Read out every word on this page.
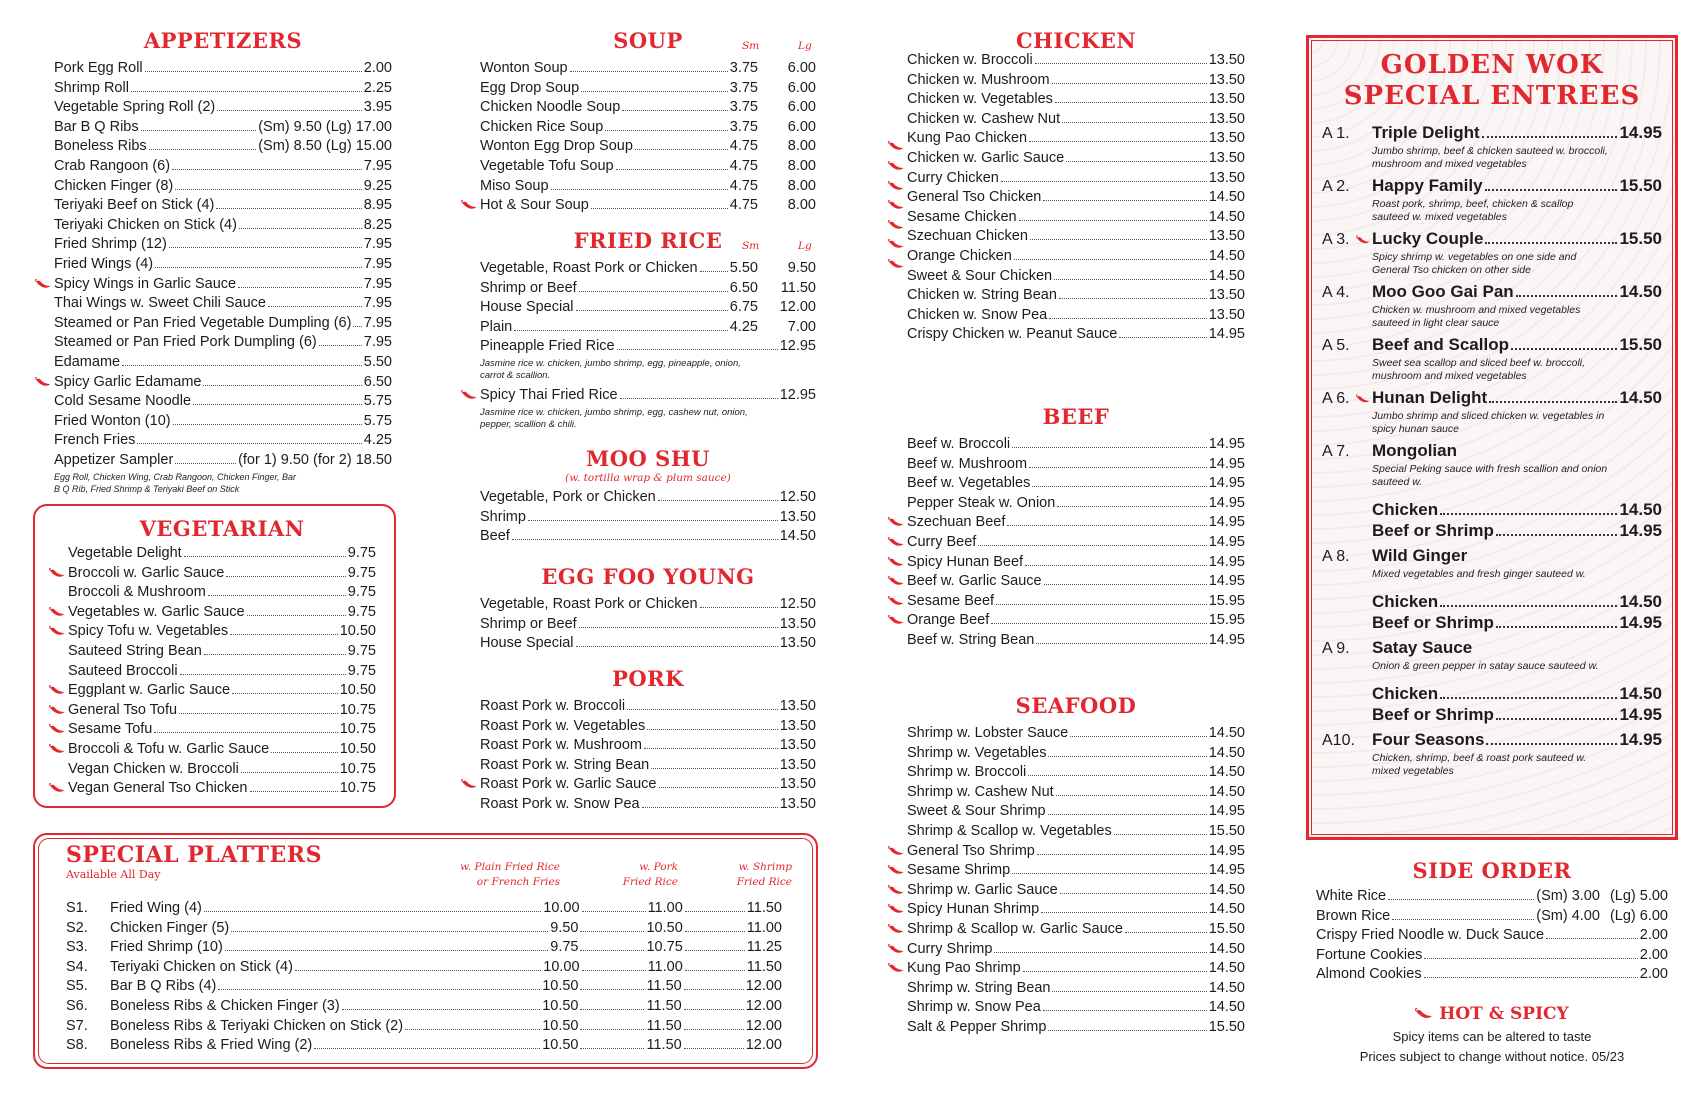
APPETIZERS
Pork Egg Roll	2.00
Shrimp Roll	2.25
Vegetable Spring Roll (2)	3.95
Bar B Q Ribs	(Sm) 9.50 (Lg) 17.00
Boneless Ribs	(Sm) 8.50 (Lg) 15.00
Crab Rangoon (6)	7.95
Chicken Finger (8)	9.25
Teriyaki Beef on Stick (4)	8.95
Teriyaki Chicken on Stick (4)	8.25
Fried Shrimp (12)	7.95
Fried Wings (4)	7.95
Spicy Wings in Garlic Sauce	7.95
Thai Wings w. Sweet Chili Sauce	7.95
Steamed or Pan Fried Vegetable Dumpling (6) 7.95
Steamed or Pan Fried Pork Dumpling (6)	7.95
Edamame	5.50
Spicy Garlic Edamame	6.50
Cold Sesame Noodle	5.75
Fried Wonton (10)	5.75
French Fries	4.25
Appetizer Sampler	(for 1) 9.50 (for 2) 18.50
Egg Roll, Chicken Wing, Crab Rangoon, Chicken Finger, Bar B Q Rib, Fried Shrimp & Teriyaki Beef on Stick
VEGETARIAN
Vegetable Delight	9.75
Broccoli w. Garlic Sauce	9.75
Broccoli & Mushroom	9.75
Vegetables w. Garlic Sauce	9.75
Spicy Tofu w. Vegetables	10.50
Sauteed String Bean	9.75
Sauteed Broccoli	9.75
Eggplant w. Garlic Sauce	10.50
General Tso Tofu	10.75
Sesame Tofu	10.75
Broccoli & Tofu w. Garlic Sauce	10.50
Vegan Chicken w. Broccoli	10.75
Vegan General Tso Chicken	10.75
SOUP	Sm	Lg
Wonton Soup	3.75	6.00
Egg Drop Soup	3.75	6.00
Chicken Noodle Soup	3.75	6.00
Chicken Rice Soup	3.75	6.00
Wonton Egg Drop Soup	4.75	8.00
Vegetable Tofu Soup	4.75	8.00
Miso Soup	4.75	8.00
Hot & Sour Soup	4.75	8.00
FRIED RICE	Sm	Lg
Vegetable, Roast Pork or Chicken 5.50	9.50
Shrimp or Beef	6.50	11.50
House Special	6.75	12.00
Plain	4.25	7.00
Pineapple Fried Rice	12.95
Jasmine rice w. chicken, jumbo shrimp, egg, pineapple, onion, carrot & scallion.
Spicy Thai Fried Rice	12.95
Jasmine rice w. chicken, jumbo shrimp, egg, cashew nut, onion, pepper, scallion & chili.
MOO SHU
(w. tortilla wrap & plum sauce)
Vegetable, Pork or Chicken	12.50
Shrimp	13.50
Beef	14.50
EGG FOO YOUNG
Vegetable, Roast Pork or Chicken	12.50
Shrimp or Beef	13.50
House Special	13.50
PORK
Roast Pork w. Broccoli	13.50
Roast Pork w. Vegetables	13.50
Roast Pork w. Mushroom	13.50
Roast Pork w. String Bean	13.50
Roast Pork w. Garlic Sauce	13.50
Roast Pork w. Snow Pea	13.50
SPECIAL PLATTERS
Available All Day
w. Plain Fried Rice
or French Fries
w. Pork
Fried Rice
w. Shrimp
Fried Rice
S1.	Fried Wing (4)	10.00	11.00	11.50
S2.	Chicken Finger (5)	9.50	10.50	11.00
S3.	Fried Shrimp (10)	9.75	10.75	11.25
S4.	Teriyaki Chicken on Stick (4)	10.00	11.00	11.50
S5.	Bar B Q Ribs (4)	10.50	11.50	12.00
S6.	Boneless Ribs & Chicken Finger (3)	10.50	11.50	12.00
S7.	Boneless Ribs & Teriyaki Chicken on Stick (2)	10.50	11.50	12.00
S8.	Boneless Ribs & Fried Wing (2)	10.50	11.50	12.00
CHICKEN
Chicken w. Broccoli	13.50
Chicken w. Mushroom	13.50
Chicken w. Vegetables	13.50
Chicken w. Cashew Nut	13.50
Kung Pao Chicken	13.50
Chicken w. Garlic Sauce	13.50
Curry Chicken	13.50
General Tso Chicken	14.50
Sesame Chicken	14.50
Szechuan Chicken	13.50
Orange Chicken	14.50
Sweet & Sour Chicken	14.50
Chicken w. String Bean	13.50
Chicken w. Snow Pea	13.50
Crispy Chicken w. Peanut Sauce	14.95
BEEF
Beef w. Broccoli	14.95
Beef w. Mushroom	14.95
Beef w. Vegetables	14.95
Pepper Steak w. Onion	14.95
Szechuan Beef	14.95
Curry Beef	14.95
Spicy Hunan Beef	14.95
Beef w. Garlic Sauce	14.95
Sesame Beef	15.95
Orange Beef	15.95
Beef w. String Bean	14.95
SEAFOOD
Shrimp w. Lobster Sauce	14.50
Shrimp w. Vegetables	14.50
Shrimp w. Broccoli	14.50
Shrimp w. Cashew Nut	14.50
Sweet & Sour Shrimp	14.95
Shrimp & Scallop w. Vegetables	15.50
General Tso Shrimp	14.95
Sesame Shrimp	14.95
Shrimp w. Garlic Sauce	14.50
Spicy Hunan Shrimp	14.50
Shrimp & Scallop w. Garlic Sauce	15.50
Curry Shrimp	14.50
Kung Pao Shrimp	14.50
Shrimp w. String Bean	14.50
Shrimp w. Snow Pea	14.50
Salt & Pepper Shrimp	15.50
GOLDEN WOK
SPECIAL ENTREES
A 1.	Triple Delight	14.95
Jumbo shrimp, beef & chicken sauteed w. broccoli, mushroom and mixed vegetables
A 2.	Happy Family	15.50
Roast pork, shrimp, beef, chicken & scallop sauteed w. mixed vegetables
A 3.	Lucky Couple	15.50
Spicy shrimp w. vegetables on one side and General Tso chicken on other side
A 4.	Moo Goo Gai Pan	14.50
Chicken w. mushroom and mixed vegetables sauteed in light clear sauce
A 5.	Beef and Scallop	15.50
Sweet sea scallop and sliced beef w. broccoli, mushroom and mixed vegetables
A 6.	Hunan Delight	14.50
Jumbo shrimp and sliced chicken w. vegetables in spicy hunan sauce
A 7.	Mongolian
Special Peking sauce with fresh scallion and onion sauteed w.
Chicken	14.50
Beef or Shrimp	14.95
A 8.	Wild Ginger
Mixed vegetables and fresh ginger sauteed w.
Chicken	14.50
Beef or Shrimp	14.95
A 9.	Satay Sauce
Onion & green pepper in satay sauce sauteed w.
Chicken	14.50
Beef or Shrimp	14.95
A10.	Four Seasons	14.95
Chicken, shrimp, beef & roast pork sauteed w. mixed vegetables
SIDE ORDER
White Rice	(Sm) 3.00 (Lg) 5.00
Brown Rice	(Sm) 4.00 (Lg) 6.00
Crispy Fried Noodle w. Duck Sauce	2.00
Fortune Cookies	2.00
Almond Cookies	2.00
HOT & SPICY
Spicy items can be altered to taste
Prices subject to change without notice. 05/23
